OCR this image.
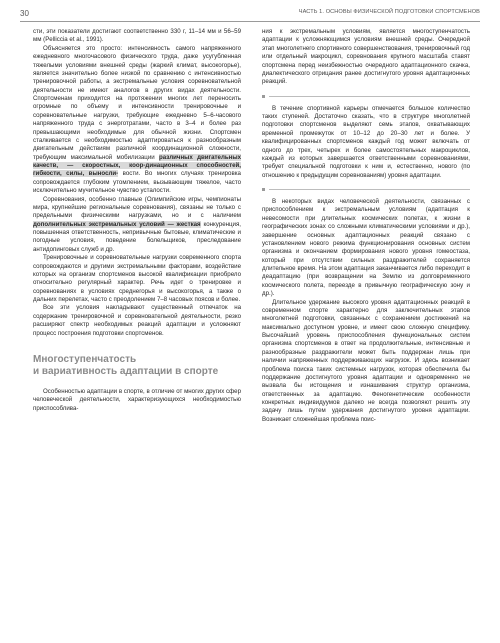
30	ЧАСТЬ 1. ОСНОВЫ ФИЗИЧЕСКОЙ ПОДГОТОВКИ СПОРТСМЕНОВ

сти, эти показатели достигают соответственно 330 г, 11–14 мм и 56–59 мм (Pelliccia et al., 1991).

Объясняется это просто: интенсивность самого напряженного ежедневного многочасового физического труда, даже усугубленная тяжелыми условиями внешней среды (жаркий климат, высокогорье), является значительно более низкой по сравнению с интенсивностью тренировочной работы, а экстремальные условия соревновательной деятельности не имеют аналогов в других видах деятельности. Спортсменам приходится на протяжении многих лет переносить огромные по объему и интенсивности тренировочные и соревновательные нагрузки, требующие ежедневно 5–6-часового напряженного труда с энерготратами, часто в 3–4 и более раз превышающими необходимые для обычной жизни. Спортсмен сталкивается с необходимостью адаптироваться к разнообразным двигательным действиям различной координационной сложности, требующим максимальной мобилизации различных двигательных качеств, — скоростных, коор-динационных способностей, гибкости, силы, выносли- вости. Во многих случаях тренировка сопровождается глубоким утомлением, вызывающим тяжелое, часто исключительно мучительное чувство усталости.

Соревнования, особенно главные (Олимпийские игры, чемпионаты мира, крупнейшие региональные соревнования), связаны не только с предельными физическими нагрузками, но и с наличием дополнительных экстремальных условий — жесткая конкуренция, повышенная ответственность, непривычные бытовые, климатические и погодные условия, поведение болельщиков, преследование антидопинговых служб и др.

Тренировочные и соревновательные нагрузки современного спорта сопровождаются и другими экстремальными факторами, воздействие которых на организм спортсменов высокой квалификации приобрело относительно регулярный характер. Речь идет о тренировке и соревнованиях в условиях среднегорья и высокогорья, а также о дальних перелетах, часто с преодолением 7–8 часовых поясов и более.

Все эти условия накладывают существенный отпечаток на содержание тренировочной и соревновательной деятельности, резко расширяют спектр необходимых реакций адаптации и усложняют процесс построения подготовки спортсменов.

Многоступенчатость
и вариативность адаптации в спорте

Особенностью адаптации в спорте, в отличие от многих других сфер человеческой деятельности, характеризующихся необходимостью приспособлива-

ния к экстремальным условиям, является многоступенчатость адаптации к усложняющимся условиям внешней среды. Очередной этап многолетнего спортивного совершенствования, тренировочный год или отдельный макроцикл, соревнования крупного масштаба ставят спортсмена перед неизбежностью очередного адаптационного скачка, диалектического отрицания ранее достигнутого уровня адаптационных реакций.

В течение спортивной карьеры отмечается большое количество таких ступеней. Достаточно сказать, что в структуре многолетней подготовки спортсменов выделяют семь этапов, охватывающих временной промежуток от 10–12 до 20–30 лет и более. У квалифицированных спортсменов каждый год может включать от одного до трех, четырех и более самостоятельных макроциклов, каждый из которых завершается ответственными соревнованиями, требует специальной подготовки к ним и, естественно, нового (по отношению к предыдущим соревнованиям) уровня адаптации.

В некоторых видах человеческой деятельности, связанных с приспособлением к экстремальным условиям (адаптация к невесомости при длительных космических полетах, к жизни в географических зонах со сложными климатическими условиями и др.), завершение основных адаптационных реакций связано с установлением нового режима функционирования основных систем организма и окончанием формирования нового уровня гомеостаза, который при отсутствии сильных раздражителей сохраняется длительное время. На этом адаптация заканчивается либо переходит в деадаптацию (при возвращении на Землю из долговременного космического полета, переезде в привычную географическую зону и др.).

Длительное удержание высокого уровня адаптационных реакций в современном спорте характерно для заключительных этапов многолетней подготовки, связанных с сохранением достижений на максимально доступном уровне, и имеет свою сложную специфику. Высочайший уровень приспособления функциональных систем организма спортсменов в ответ на продолжительные, интенсивные и разнообразные раздражители может быть поддержан лишь при наличии напряженных поддерживающих нагрузок. И здесь возникает проблема поиска таких системных нагрузок, которая обеспечила бы поддержание достигнутого уровня адаптации и одновременно не вызвала бы истощения и изнашивания структур организма, ответственных за адаптацию. Феногенетические особенности конкретных индивидуумов далеко не всегда позволяют решить эту задачу лишь путем удержания достигнутого уровня адаптации. Возникает сложнейшая проблема поис-
